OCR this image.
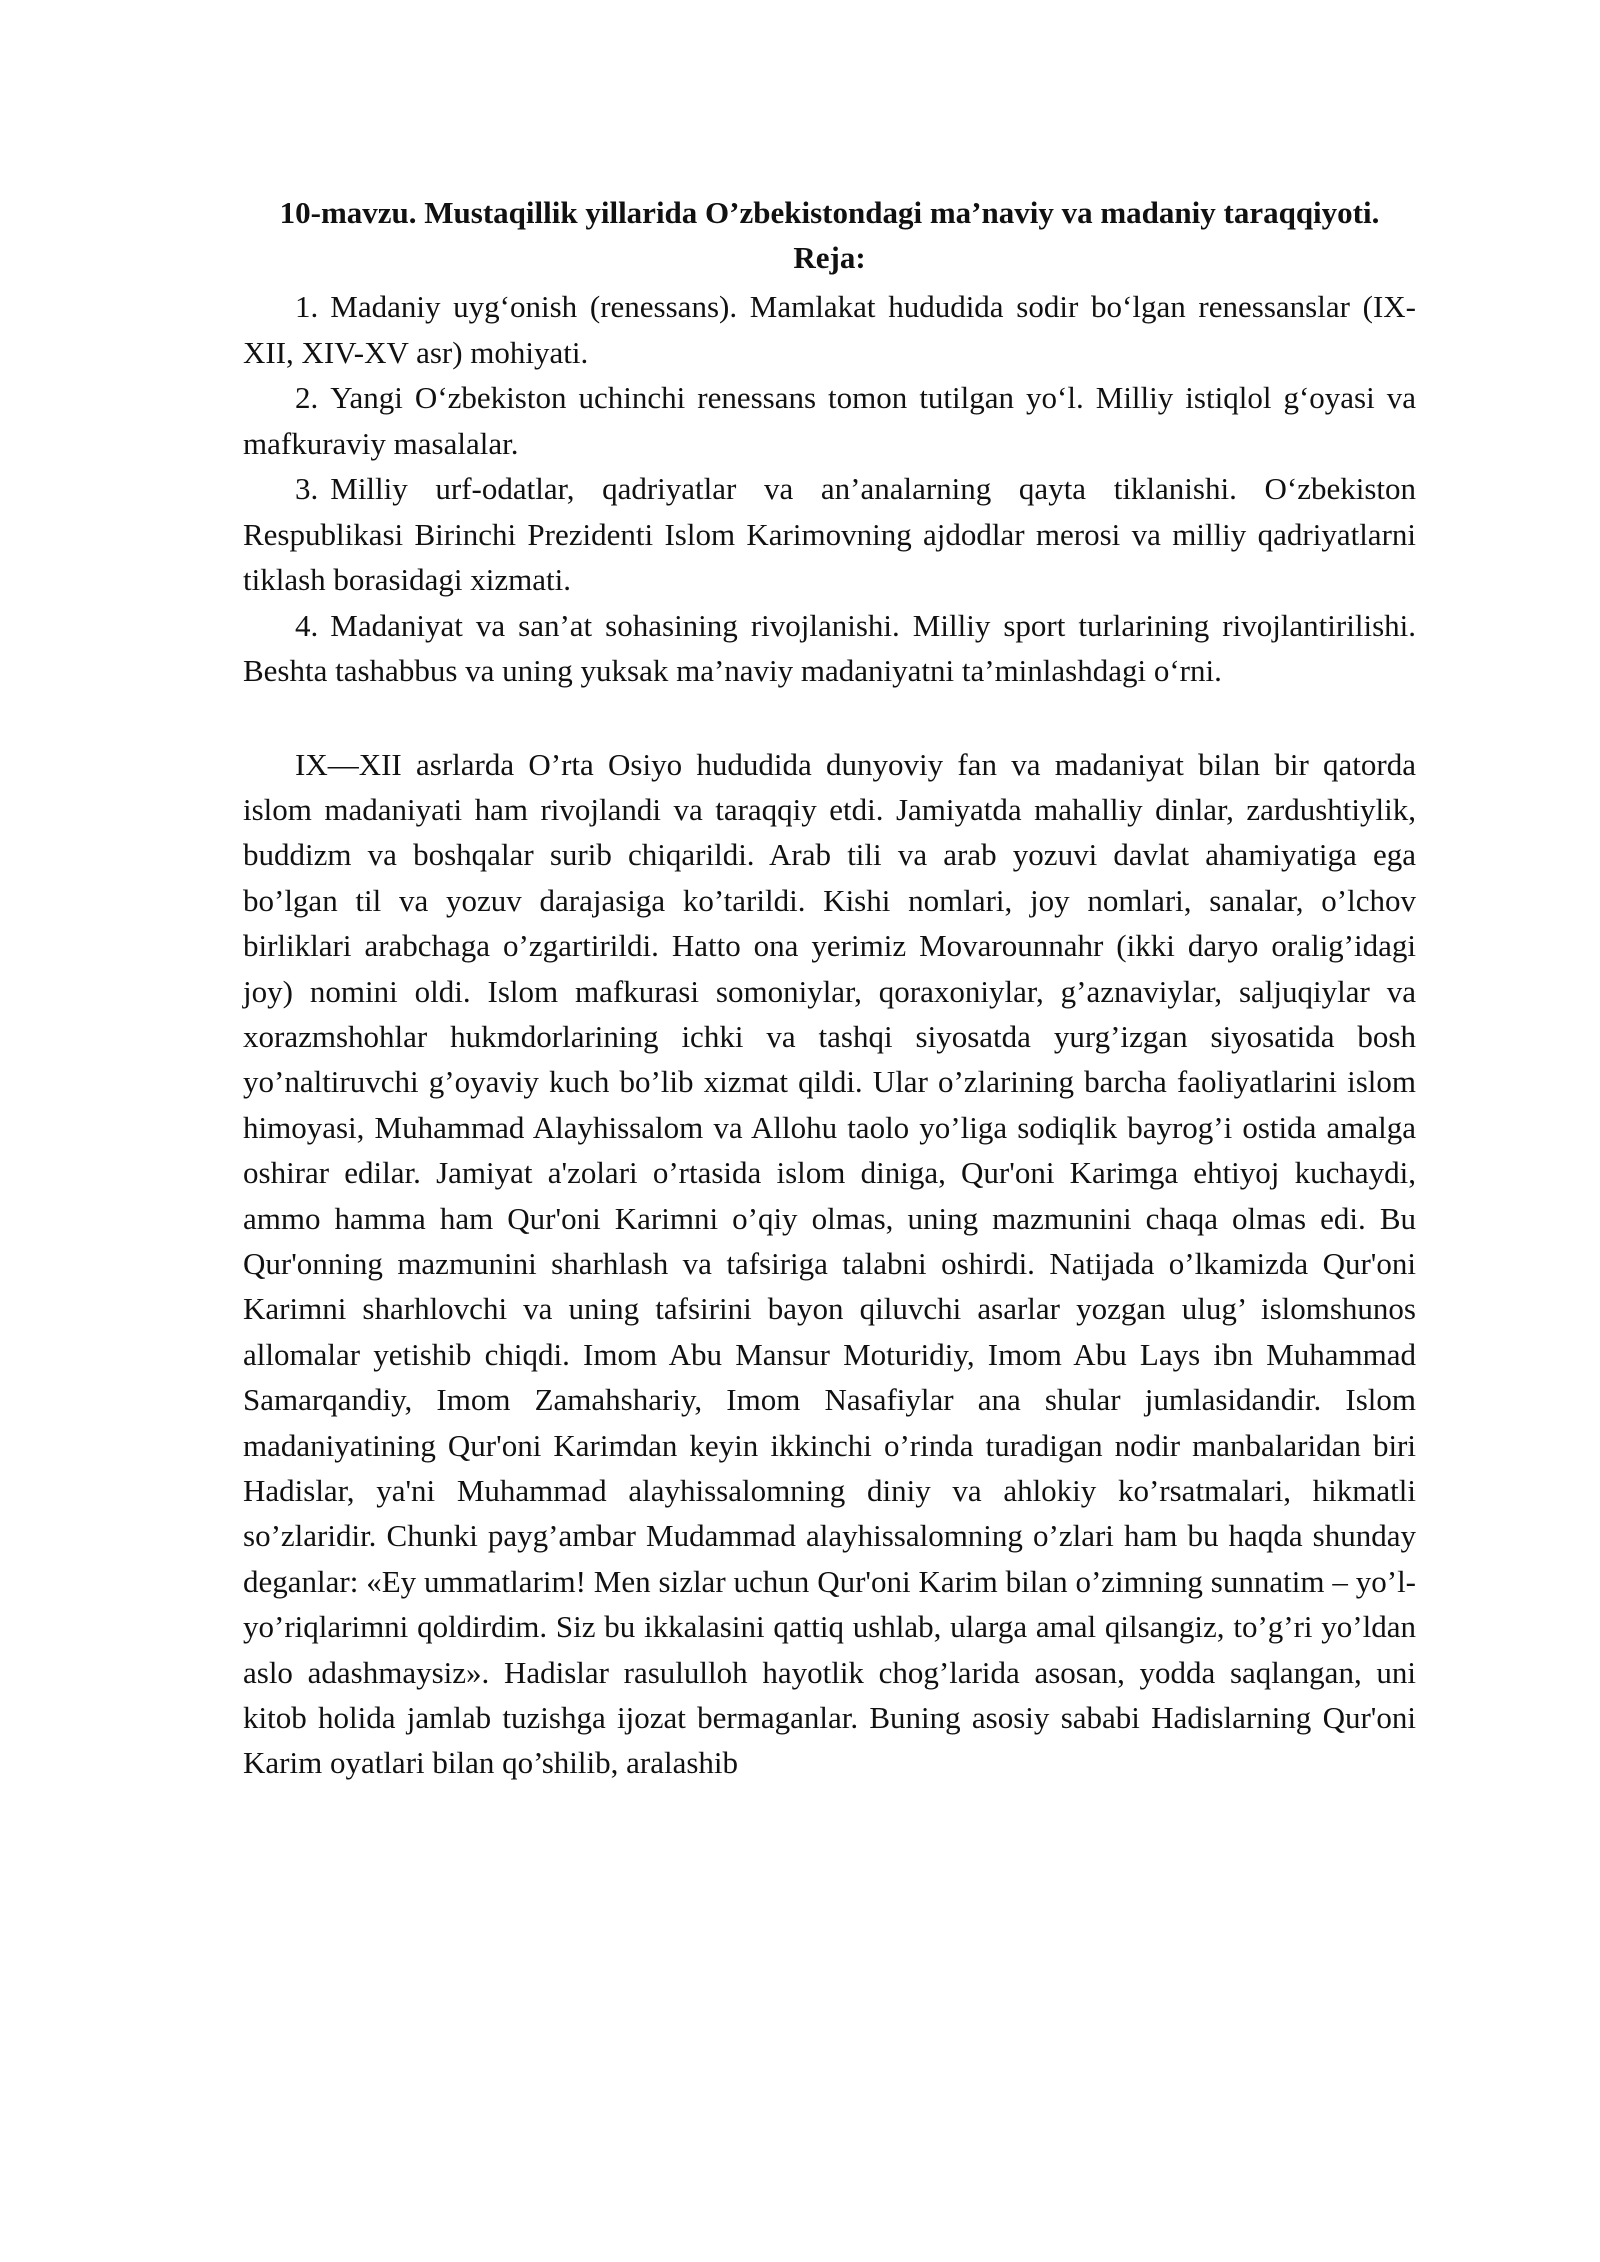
10-mavzu. Mustaqillik yillarida O’zbekistondagi ma’naviy va madaniy taraqqiyoti.
Reja:
1. Madaniy uyg‘onish (renessans). Mamlakat hududida sodir bo‘lgan renessanslar (IX-XII, XIV-XV asr) mohiyati.
2. Yangi O‘zbekiston uchinchi renessans tomon tutilgan yo‘l. Milliy istiqlol g‘oyasi va mafkuraviy masalalar.
3. Milliy urf-odatlar, qadriyatlar va an’analarning qayta tiklanishi. O‘zbekiston Respublikasi Birinchi Prezidenti Islom Karimovning ajdodlar merosi va milliy qadriyatlarni tiklash borasidagi xizmati.
4. Madaniyat va san’at sohasining rivojlanishi. Milliy sport turlarining rivojlantirilishi. Beshta tashabbus va uning yuksak ma’naviy madaniyatni ta’minlashdagi o‘rni.

IX—XII asrlarda O’rta Osiyo hududida dunyoviy fan va madaniyat bilan bir qatorda islom madaniyati ham rivojlandi va taraqqiy etdi. Jamiyatda mahalliy dinlar, zardushtiylik, buddizm va boshqalar surib chiqarildi. Arab tili va arab yozuvi davlat ahamiyatiga ega bo’lgan til va yozuv darajasiga ko’tarildi. Kishi nomlari, joy nomlari, sanalar, o’lchov birliklari arabchaga o’zgartirildi. Hatto ona yerimiz Movarounnahr (ikki daryo oralig’idagi joy) nomini oldi. Islom mafkurasi somoniylar, qoraxoniylar, g’aznaviylar, saljuqiylar va xorazmshohlar hukmdorlarining ichki va tashqi siyosatda yurg’izgan siyosatida bosh yo’naltiruvchi g’oyaviy kuch bo’lib xizmat qildi. Ular o’zlarining barcha faoliyatlarini islom himoyasi, Muhammad Alayhissalom va Allohu taolo yo’liga sodiqlik bayrog’i ostida amalga oshirar edilar. Jamiyat a'zolari o’rtasida islom diniga, Qur'oni Karimga ehtiyoj kuchaydi, ammo hamma ham Qur'oni Karimni o’qiy olmas, uning mazmunini chaqa olmas edi. Bu Qur'onning mazmunini sharhlash va tafsiriga talabni oshirdi. Natijada o’lkamizda Qur'oni Karimni sharhlovchi va uning tafsirini bayon qiluvchi asarlar yozgan ulug’ islomshunos allomalar yetishib chiqdi. Imom Abu Mansur Moturidiy, Imom Abu Lays ibn Muhammad Samarqandiy, Imom Zamahshariy, Imom Nasafiylar ana shular jumlasidandir. Islom madaniyatining Qur'oni Karimdan keyin ikkinchi o’rinda turadigan nodir manbalaridan biri Hadislar, ya'ni Muhammad alayhissalomning diniy va ahlokiy ko’rsatmalari, hikmatli so’zlaridir. Chunki payg’ambar Mudammad alayhissalomning o’zlari ham bu haqda shunday deganlar: «Ey ummatlarim! Men sizlar uchun Qur'oni Karim bilan o’zimning sunnatim – yo’l-yo’riqlarimni qoldirdim. Siz bu ikkalasini qattiq ushlab, ularga amal qilsangiz, to’g’ri yo’ldan aslo adashmaysiz». Hadislar rasululloh hayotlik chog’larida asosan, yodda saqlangan, uni kitob holida jamlab tuzishga ijozat bermaganlar. Buning asosiy sababi Hadislarning Qur'oni Karim oyatlari bilan qo’shilib, aralashib
